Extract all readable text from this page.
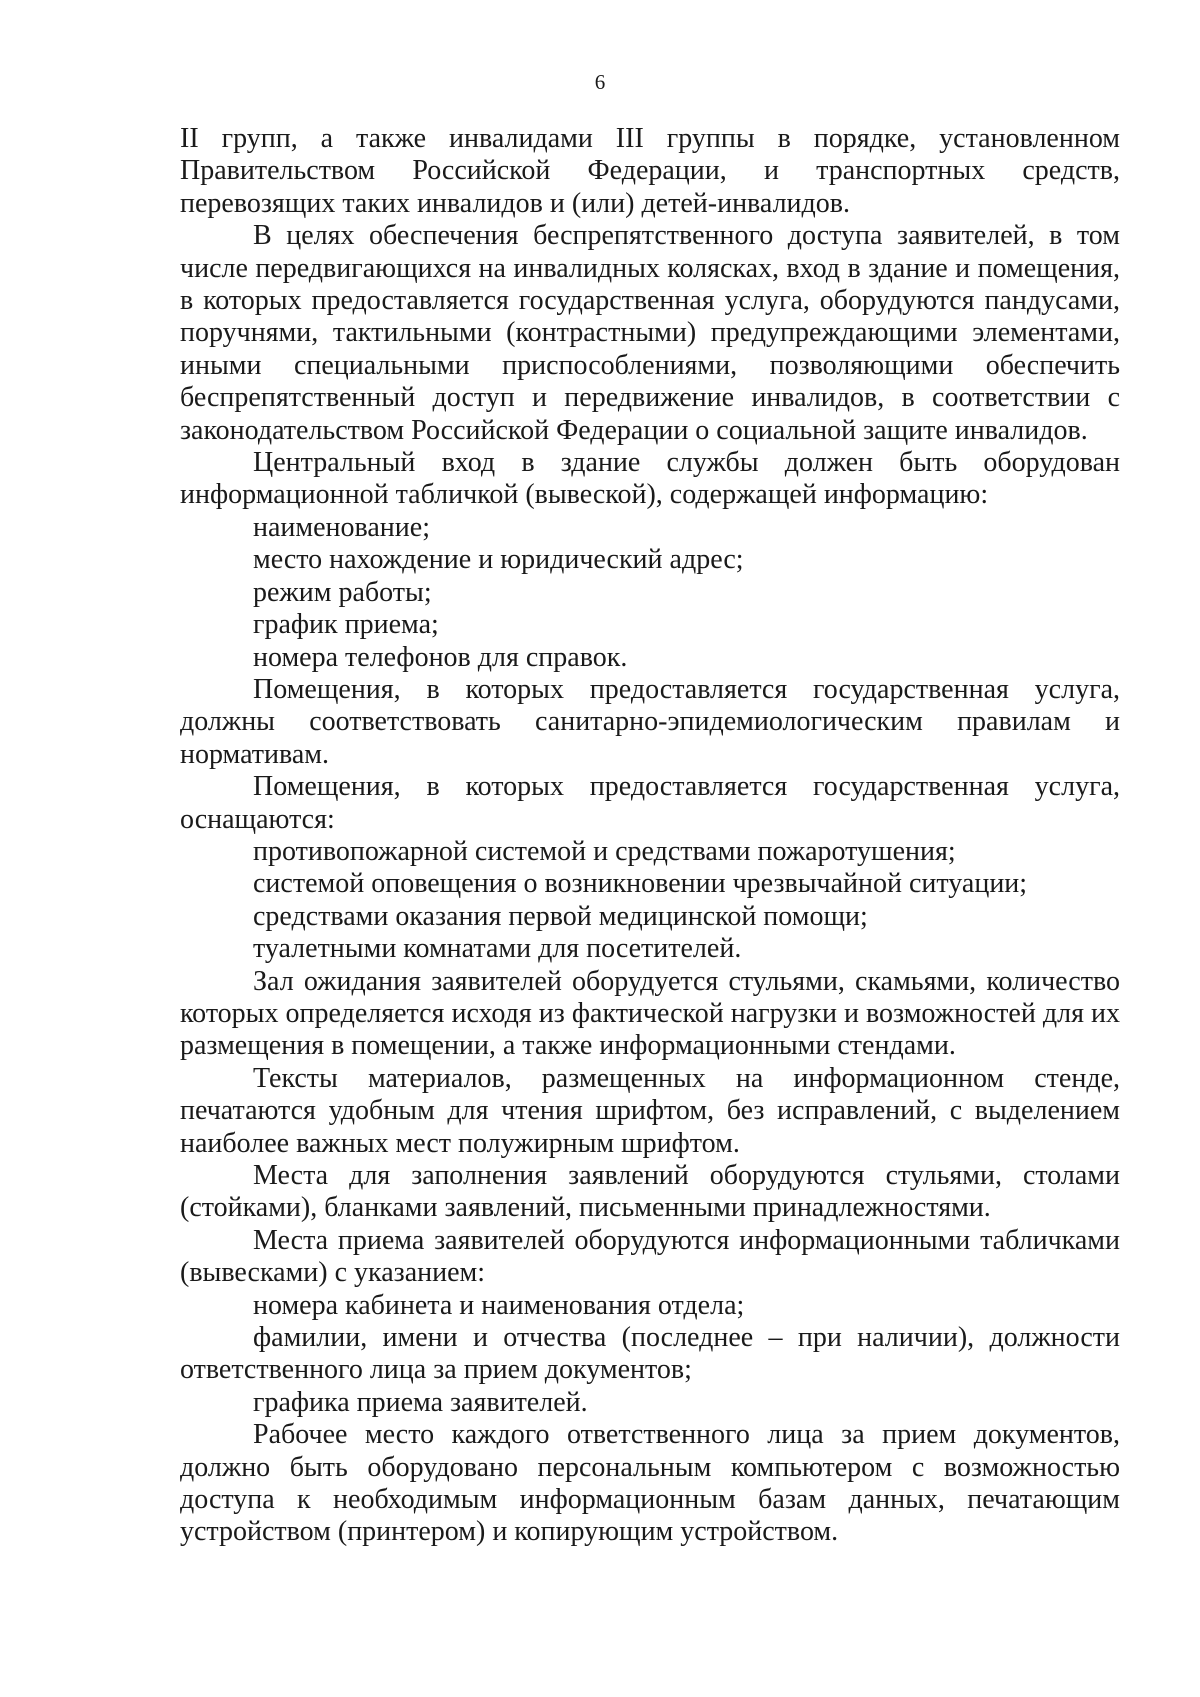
6

II групп, а также инвалидами III группы в порядке, установленном Правительством Российской Федерации, и транспортных средств, перевозящих таких инвалидов и (или) детей-инвалидов.

В целях обеспечения беспрепятственного доступа заявителей, в том числе передвигающихся на инвалидных колясках, вход в здание и помещения, в которых предоставляется государственная услуга, оборудуются пандусами, поручнями, тактильными (контрастными) предупреждающими элементами, иными специальными приспособлениями, позволяющими обеспечить беспрепятственный доступ и передвижение инвалидов, в соответствии с законодательством Российской Федерации о социальной защите инвалидов.

Центральный вход в здание службы должен быть оборудован информационной табличкой (вывеской), содержащей информацию:

наименование;

место нахождение и юридический адрес;

режим работы;

график приема;

номера телефонов для справок.

Помещения, в которых предоставляется государственная услуга, должны соответствовать санитарно-эпидемиологическим правилам и нормативам.

Помещения, в которых предоставляется государственная услуга, оснащаются:

противопожарной системой и средствами пожаротушения;

системой оповещения о возникновении чрезвычайной ситуации;

средствами оказания первой медицинской помощи;

туалетными комнатами для посетителей.

Зал ожидания заявителей оборудуется стульями, скамьями, количество которых определяется исходя из фактической нагрузки и возможностей для их размещения в помещении, а также информационными стендами.

Тексты материалов, размещенных на информационном стенде, печатаются удобным для чтения шрифтом, без исправлений, с выделением наиболее важных мест полужирным шрифтом.

Места для заполнения заявлений оборудуются стульями, столами (стойками), бланками заявлений, письменными принадлежностями.

Места приема заявителей оборудуются информационными табличками (вывесками) с указанием:

номера кабинета и наименования отдела;

фамилии, имени и отчества (последнее – при наличии), должности ответственного лица за прием документов;

графика приема заявителей.

Рабочее место каждого ответственного лица за прием документов, должно быть оборудовано персональным компьютером с возможностью доступа к необходимым информационным базам данных, печатающим устройством (принтером) и копирующим устройством.
